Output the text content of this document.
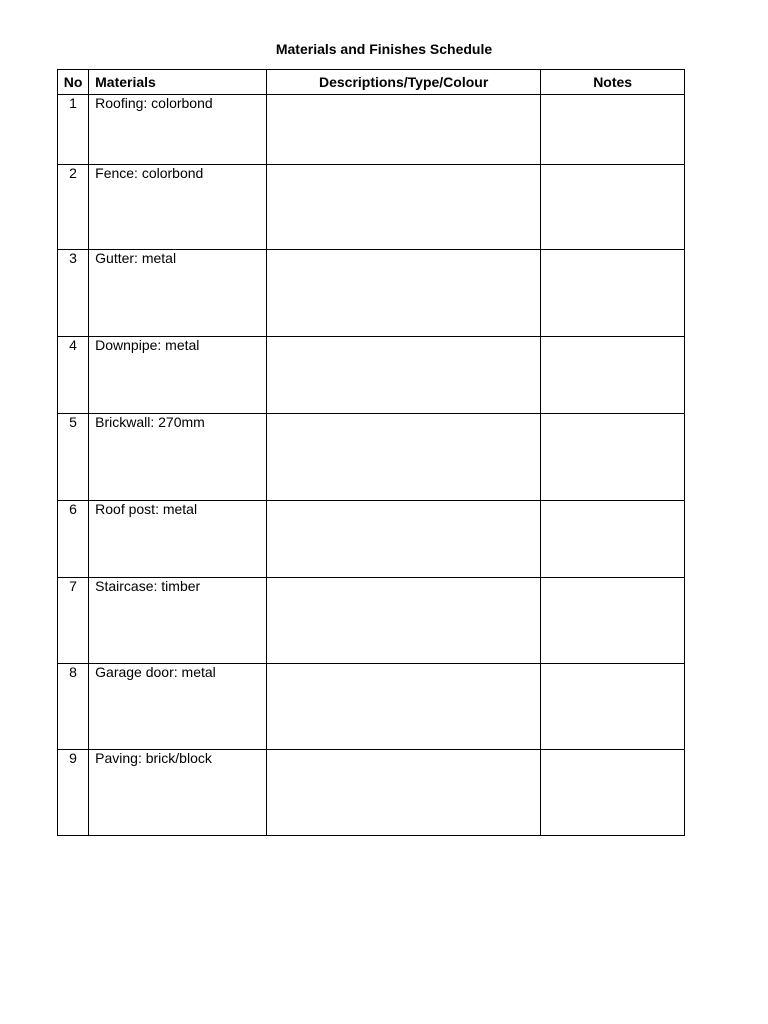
Materials and Finishes Schedule
No	Materials	Descriptions/Type/Colour	Notes
1	Roofing: colorbond		
2	Fence: colorbond		
3	Gutter: metal		
4	Downpipe: metal		
5	Brickwall: 270mm		
6	Roof post: metal		
7	Staircase: timber		
8	Garage door: metal		
9	Paving: brick/block		
